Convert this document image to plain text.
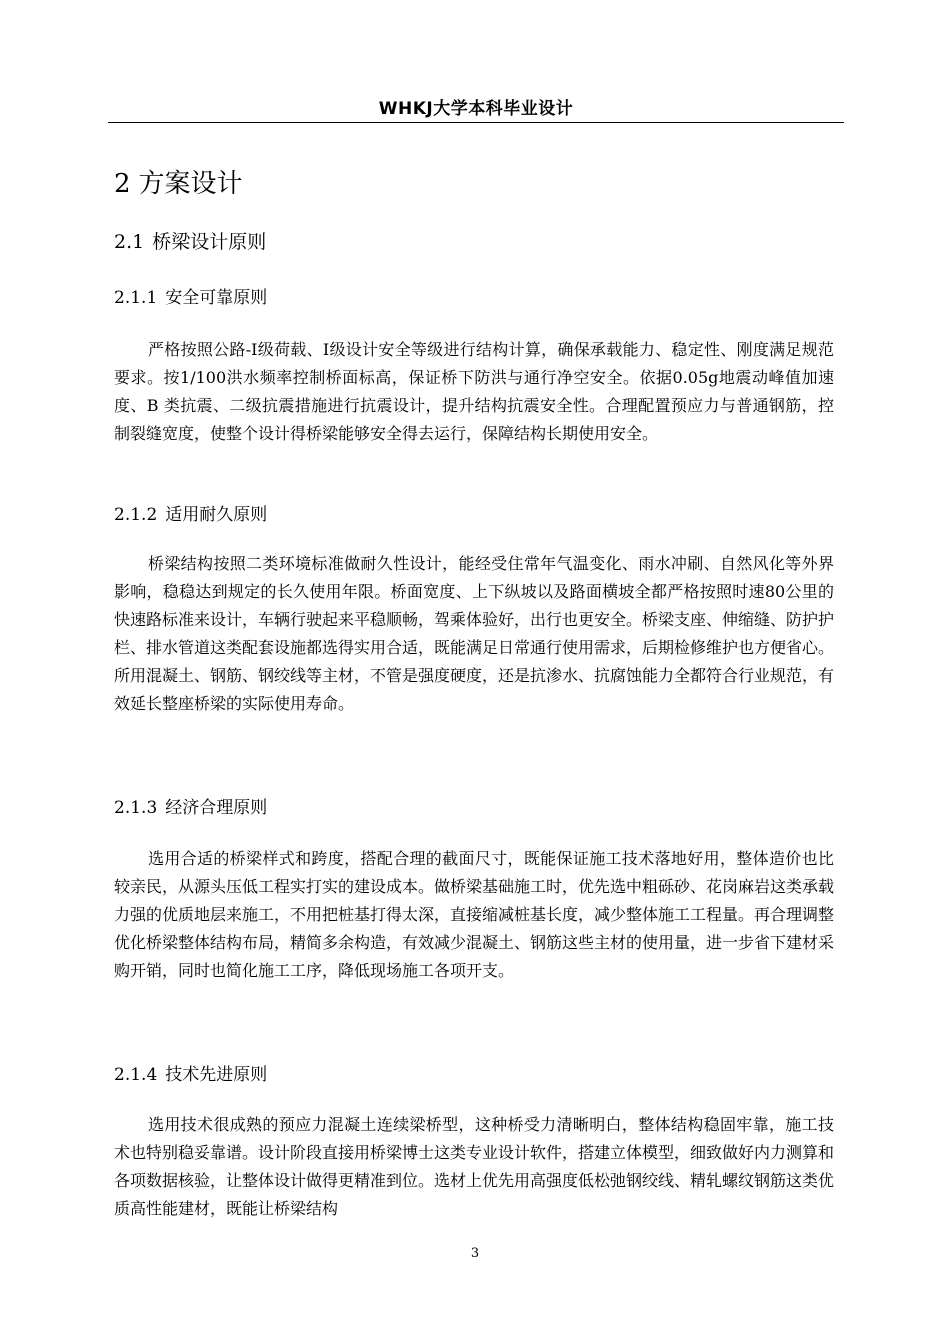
WHKJ大学本科毕业设计
2 方案设计
2.1 桥梁设计原则
2.1.1 安全可靠原则

严格按照公路-I级荷载、I级设计安全等级进行结构计算，确保承载能力、稳定性、刚度满足规范要求。按1/100洪水频率控制桥面标高，保证桥下防洪与通行净空安全。依据0.05g地震动峰值加速度、B 类抗震、二级抗震措施进行抗震设计，提升结构抗震安全性。合理配置预应力与普通钢筋，控制裂缝宽度，使整个设计得桥梁能够安全得去运行，保障结构长期使用安全。

2.1.2 适用耐久原则

桥梁结构按照二类环境标准做耐久性设计，能经受住常年气温变化、雨水冲刷、自然风化等外界影响，稳稳达到规定的长久使用年限。桥面宽度、上下纵坡以及路面横坡全都严格按照时速80公里的快速路标准来设计，车辆行驶起来平稳顺畅，驾乘体验好，出行也更安全。桥梁支座、伸缩缝、防护护栏、排水管道这类配套设施都选得实用合适，既能满足日常通行使用需求，后期检修维护也方便省心。所用混凝土、钢筋、钢绞线等主材，不管是强度硬度，还是抗渗水、抗腐蚀能力全都符合行业规范，有效延长整座桥梁的实际使用寿命。

2.1.3 经济合理原则

选用合适的桥梁样式和跨度，搭配合理的截面尺寸，既能保证施工技术落地好用，整体造价也比较亲民，从源头压低工程实打实的建设成本。做桥梁基础施工时，优先选中粗砾砂、花岗麻岩这类承载力强的优质地层来施工，不用把桩基打得太深，直接缩减桩基长度，减少整体施工工程量。再合理调整优化桥梁整体结构布局，精简多余构造，有效减少混凝土、钢筋这些主材的使用量，进一步省下建材采购开销，同时也简化施工工序，降低现场施工各项开支。

2.1.4 技术先进原则

选用技术很成熟的预应力混凝土连续梁桥型，这种桥受力清晰明白，整体结构稳固牢靠，施工技术也特别稳妥靠谱。设计阶段直接用桥梁博士这类专业设计软件，搭建立体模型，细致做好内力测算和各项数据核验，让整体设计做得更精准到位。选材上优先用高强度低松弛钢绞线、精轧螺纹钢筋这类优质高性能建材，既能让桥梁结构

3
